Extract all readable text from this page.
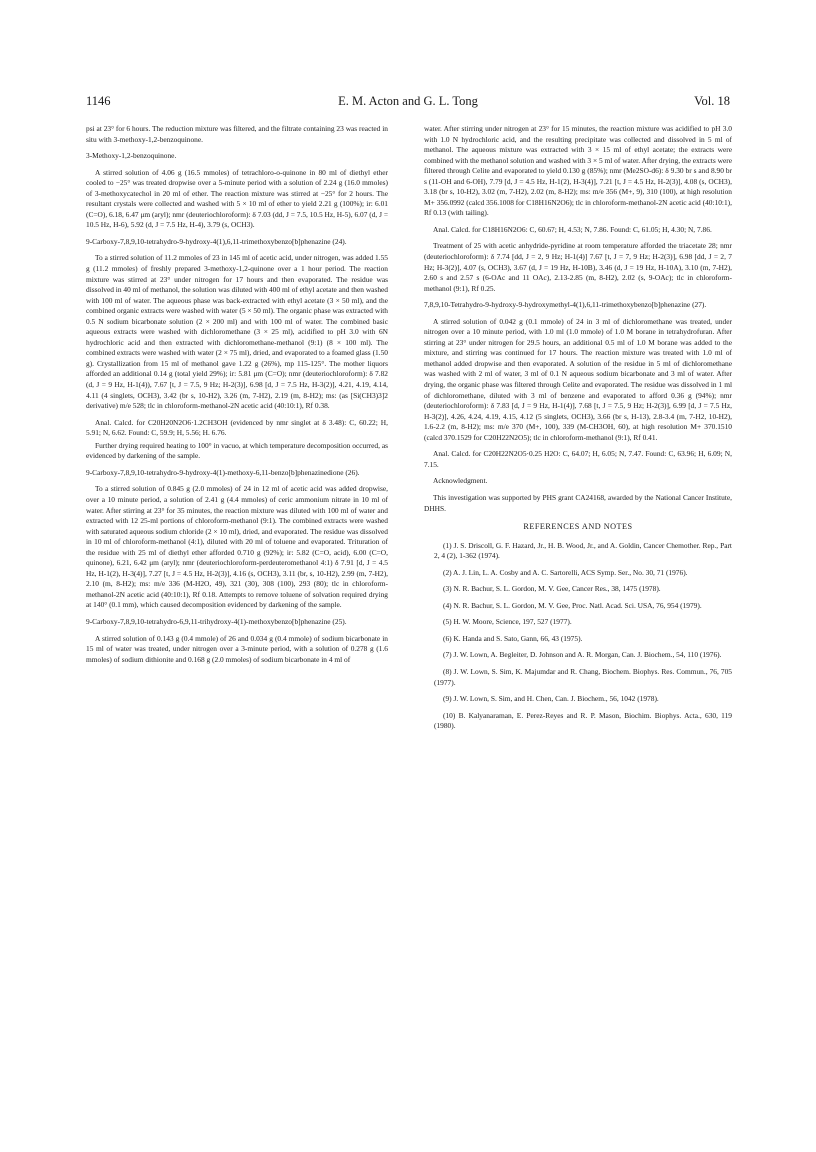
1146	E. M. Acton and G. L. Tong	Vol. 18

psi at 23° for 6 hours. The reduction mixture was filtered, and the filtrate containing 23 was reacted in situ with 3-methoxy-1,2-benzoquinone.

3-Methoxy-1,2-benzoquinone.

A stirred solution of 4.06 g (16.5 mmoles) of tetrachloro-o-quinone in 80 ml of diethyl ether cooled to −25° was treated dropwise over a 5-minute period with a solution of 2.24 g (16.0 mmoles) of 3-methoxycatechol in 20 ml of ether. The reaction mixture was stirred at −25° for 2 hours. The resultant crystals were collected and washed with 5 × 10 ml of ether to yield 2.21 g (100%); ir: 6.01 (C=O), 6.18, 6.47 μm (aryl); nmr (deuteriochloroform): δ 7.03 (dd, J = 7.5, 10.5 Hz, H-5), 6.07 (d, J = 10.5 Hz, H-6), 5.92 (d, J = 7.5 Hz, H-4), 3.79 (s, OCH3).

9-Carboxy-7,8,9,10-tetrahydro-9-hydroxy-4(1),6,11-trimethoxybenzo[b]phenazine (24).

To a stirred solution of 11.2 mmoles of 23 in 145 ml of acetic acid, under nitrogen, was added 1.55 g (11.2 mmoles) of freshly prepared 3-methoxy-1,2-quinone over a 1 hour period. The reaction mixture was stirred at 23° under nitrogen for 17 hours and then evaporated. The residue was dissolved in 40 ml of methanol, the solution was diluted with 400 ml of ethyl acetate and then washed with 100 ml of water. The aqueous phase was back-extracted with ethyl acetate (3 × 50 ml), and the combined organic extracts were washed with water (5 × 50 ml). The organic phase was extracted with 0.5 N sodium bicarbonate solution (2 × 200 ml) and with 100 ml of water. The combined basic aqueous extracts were washed with dichloromethane (3 × 25 ml), acidified to pH 3.0 with 6N hydrochloric acid and then extracted with dichloromethane-methanol (9:1) (8 × 100 ml). The combined extracts were washed with water (2 × 75 ml), dried, and evaporated to a foamed glass (1.50 g). Crystallization from 15 ml of methanol gave 1.22 g (26%), mp 115-125°. The mother liquors afforded an additional 0.14 g (total yield 29%); ir: 5.81 μm (C=O); nmr (deuteriochloroform): δ 7.82 (d, J = 9 Hz, H-1(4)), 7.67 [t, J = 7.5, 9 Hz; H-2(3)], 6.98 [d, J = 7.5 Hz, H-3(2)], 4.21, 4.19, 4.14, 4.11 (4 singlets, OCH3), 3.42 (br s, 10-H2), 3.26 (m, 7-H2), 2.19 (m, 8-H2); ms: (as [Si(CH3)3]2 derivative) m/e 528; tlc in chloroform-methanol-2N acetic acid (40:10:1), Rf 0.38.

Anal. Calcd. for C20H20N2O6·1.2CH3OH (evidenced by nmr singlet at δ 3.48): C, 60.22; H, 5.91; N, 6.62. Found: C, 59.9; H, 5.56; H. 6.76.

Further drying required heating to 100° in vacuo, at which temperature decomposition occurred, as evidenced by darkening of the sample.

9-Carboxy-7,8,9,10-tetrahydro-9-hydroxy-4(1)-methoxy-6,11-benzo[b]phenazinedione (26).

To a stirred solution of 0.845 g (2.0 mmoles) of 24 in 12 ml of acetic acid was added dropwise, over a 10 minute period, a solution of 2.41 g (4.4 mmoles) of ceric ammonium nitrate in 10 ml of water. After stirring at 23° for 35 minutes, the reaction mixture was diluted with 100 ml of water and extracted with 12 25-ml portions of chloroform-methanol (9:1). The combined extracts were washed with saturated aqueous sodium chloride (2 × 10 ml), dried, and evaporated. The residue was dissolved in 10 ml of chloroform-methanol (4:1), diluted with 20 ml of toluene and evaporated. Trituration of the residue with 25 ml of diethyl ether afforded 0.710 g (92%); ir: 5.82 (C=O, acid), 6.00 (C=O, quinone), 6.21, 6.42 μm (aryl); nmr (deuteriochloroform-perdeuteromethanol 4:1) δ 7.91 [d, J = 4.5 Hz, H-1(2), H-3(4)], 7.27 [t, J = 4.5 Hz, H-2(3)], 4.16 (s, OCH3), 3.11 (br, s, 10-H2), 2.99 (m, 7-H2), 2.10 (m, 8-H2); ms: m/e 336 (M-H2O, 49), 321 (30), 308 (100), 293 (80); tlc in chloroform-methanol-2N acetic acid (40:10:1), Rf 0.18. Attempts to remove toluene of solvation required drying at 140° (0.1 mm), which caused decomposition evidenced by darkening of the sample.

9-Carboxy-7,8,9,10-tetrahydro-6,9,11-trihydroxy-4(1)-methoxybenzo[b]phenazine (25).

A stirred solution of 0.143 g (0.4 mmole) of 26 and 0.034 g (0.4 mmole) of sodium bicarbonate in 15 ml of water was treated, under nitrogen over a 3-minute period, with a solution of 0.278 g (1.6 mmoles) of sodium dithionite and 0.168 g (2.0 mmoles) of sodium bicarbonate in 4 ml of

water. After stirring under nitrogen at 23° for 15 minutes, the reaction mixture was acidified to pH 3.0 with 1.0 N hydrochloric acid, and the resulting precipitate was collected and dissolved in 5 ml of methanol. The aqueous mixture was extracted with 3 × 15 ml of ethyl acetate; the extracts were combined with the methanol solution and washed with 3 × 5 ml of water. After drying, the extracts were filtered through Celite and evaporated to yield 0.130 g (85%); nmr (Me2SO-d6): δ 9.30 br s and 8.90 br s (11-OH and 6-OH), 7.79 [d, J = 4.5 Hz, H-1(2), H-3(4)], 7.21 [t, J = 4.5 Hz, H-2(3)], 4.08 (s, OCH3), 3.18 (br s, 10-H2), 3.02 (m, 7-H2), 2.02 (m, 8-H2); ms: m/e 356 (M+, 9), 310 (100), at high resolution M+ 356.0992 (calcd 356.1008 for C18H16N2O6); tlc in chloroform-methanol-2N acetic acid (40:10:1), Rf 0.13 (with tailing).

Anal. Calcd. for C18H16N2O6: C, 60.67; H, 4.53; N, 7.86. Found: C, 61.05; H, 4.30; N, 7.86.

Treatment of 25 with acetic anhydride-pyridine at room temperature afforded the triacetate 28; nmr (deuteriochloroform): δ 7.74 [dd, J = 2, 9 Hz; H-1(4)] 7.67 [t, J = 7, 9 Hz; H-2(3)], 6.98 [dd, J = 2, 7 Hz; H-3(2)], 4.07 (s, OCH3), 3.67 (d, J = 19 Hz, H-10B), 3.46 (d, J = 19 Hz, H-10A), 3.10 (m, 7-H2), 2.60 s and 2.57 s (6-OAc and 11 OAc), 2.13-2.85 (m, 8-H2), 2.02 (s, 9-OAc); tlc in chloroform-methanol (9:1), Rf 0.25.

7,8,9,10-Tetrahydro-9-hydroxy-9-hydroxymethyl-4(1),6,11-trimethoxybenzo[b]phenazine (27).

A stirred solution of 0.042 g (0.1 mmole) of 24 in 3 ml of dichloromethane was treated, under nitrogen over a 10 minute period, with 1.0 ml (1.0 mmole) of 1.0 M borane in tetrahydrofuran. After stirring at 23° under nitrogen for 29.5 hours, an additional 0.5 ml of 1.0 M borane was added to the mixture, and stirring was continued for 17 hours. The reaction mixture was treated with 1.0 ml of methanol added dropwise and then evaporated. A solution of the residue in 5 ml of dichloromethane was washed with 2 ml of water, 3 ml of 0.1 N aqueous sodium bicarbonate and 3 ml of water. After drying, the organic phase was filtered through Celite and evaporated. The residue was dissolved in 1 ml of dichloromethane, diluted with 3 ml of benzene and evaporated to afford 0.36 g (94%); nmr (deuteriochloroform): δ 7.83 [d, J = 9 Hz, H-1(4)], 7.68 [t, J = 7.5, 9 Hz; H-2(3)], 6.99 [d, J = 7.5 Hz, H-3(2)], 4.26, 4.24, 4.19, 4.15, 4.12 (5 singlets, OCH3), 3.66 (br s, H-13), 2.8-3.4 (m, 7-H2, 10-H2), 1.6-2.2 (m, 8-H2); ms: m/e 370 (M+, 100), 339 (M-CH3OH, 60), at high resolution M+ 370.1510 (calcd 370.1529 for C20H22N2O5); tlc in chloroform-methanol (9:1), Rf 0.41.

Anal. Calcd. for C20H22N2O5·0.25 H2O: C, 64.07; H, 6.05; N, 7.47. Found: C, 63.96; H, 6.09; N, 7.15.

Acknowledgment.

This investigation was supported by PHS grant CA24168, awarded by the National Cancer Institute, DHHS.

REFERENCES AND NOTES

(1) J. S. Driscoll, G. F. Hazard, Jr., H. B. Wood, Jr., and A. Goldin, Cancer Chemother. Rep., Part 2, 4 (2), 1-362 (1974).

(2) A. J. Lin, L. A. Cosby and A. C. Sartorelli, ACS Symp. Ser., No. 30, 71 (1976).

(3) N. R. Bachur, S. L. Gordon, M. V. Gee, Cancer Res., 38, 1475 (1978).

(4) N. R. Bachur, S. L. Gordon, M. V. Gee, Proc. Natl. Acad. Sci. USA, 76, 954 (1979).

(5) H. W. Moore, Science, 197, 527 (1977).

(6) K. Handa and S. Sato, Gann, 66, 43 (1975).

(7) J. W. Lown, A. Begleiter, D. Johnson and A. R. Morgan, Can. J. Biochem., 54, 110 (1976).

(8) J. W. Lown, S. Sim, K. Majumdar and R. Chang, Biochem. Biophys. Res. Commun., 76, 705 (1977).

(9) J. W. Lown, S. Sim, and H. Chen, Can. J. Biochem., 56, 1042 (1978).

(10) B. Kalyanaraman, E. Perez-Reyes and R. P. Mason, Biochim. Biophys. Acta., 630, 119 (1980).
